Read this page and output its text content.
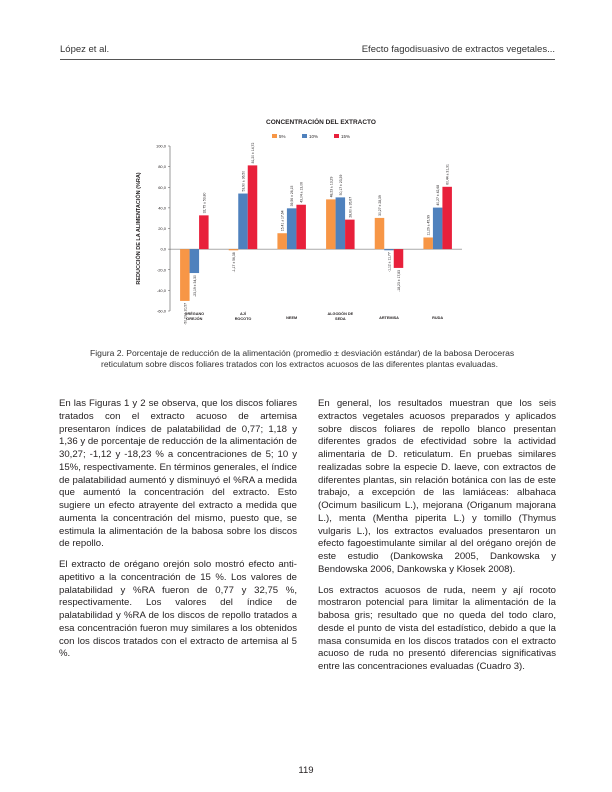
López et al.	Efecto fagodisuasivo de extractos vegetales...
CONCENTRACIÓN DEL EXTRACTO
5%	10%	15%
100,0
80,0
60,0
40,0
20,0
0,0
-20,0
-40,0
-60,0
REDUCCIÓN DE LA ALIMENTACIÓN (%RA)
-50,23 ± 20,57
-23,19 ± 34,30
32,75 ± 53,80
ORÉGANO OREJÓN
-1,17 ± 56,38
53,90 ± 36,50
81,20 ± 14,72
AJÍ ROCOTO
15,41 ± 17,64
39,56 ± 26,15 43,04 ± 13,06
NEEM
48,23 ± 13,29 50,17 ± 23,39
28,60 ± 35,67
ALGODÓN DE SEDA
30,27 ± 28,39
-1,12 ± 11,77
-18,23 ± 17,83
ARTEMISA
11,29 ± 45,99
40,27 ± 42,68
60,44 ± 31,31
RUDA
Figura 2. Porcentaje de reducción de la alimentación (promedio ± desviación estándar) de la babosa Deroceras
reticulatum sobre discos foliares tratados con los extractos acuosos de las diferentes plantas evaluadas.

En las Figuras 1 y 2 se observa, que los discos foliares tratados con el extracto acuoso de artemisa presentaron índices de palatabilidad de 0,77; 1,18 y 1,36 y de porcentaje de reducción de la alimentación de 30,27; -1,12 y -18,23 % a concentraciones de 5; 10 y 15%, respectivamente. En términos generales, el índice de palatabilidad aumentó y disminuyó el %RA a medida que aumentó la concentración del extracto. Esto sugiere un efecto atrayente del extracto a medida que aumenta la concentración del mismo, puesto que, se estimula la alimentación de la babosa sobre los discos de repollo.

El extracto de orégano orejón solo mostró efecto anti-apetitivo a la concentración de 15 %. Los valores de palatabilidad y %RA fueron de 0,77 y 32,75 %, respectivamente. Los valores del índice de palatabilidad y %RA de los discos de repollo tratados a esa concentración fueron muy similares a los obtenidos con los discos tratados con el extracto de artemisa al 5 %.

En general, los resultados muestran que los seis extractos vegetales acuosos preparados y aplicados sobre discos foliares de repollo blanco presentan diferentes grados de efectividad sobre la actividad alimentaria de D. reticulatum. En pruebas similares realizadas sobre la especie D. laeve, con extractos de diferentes plantas, sin relación botánica con las de este trabajo, a excepción de las lamiáceas: albahaca (Ocimum basilicum L.), mejorana (Origanum majorana L.), menta (Mentha piperita L.) y tomillo (Thymus vulgaris L.), los extractos evaluados presentaron un efecto fagoestimulante similar al del orégano orejón de este estudio (Dankowska 2005, Dankowska y Bendowska 2006, Dankowska y Kłosek 2008).

Los extractos acuosos de ruda, neem y ají rocoto mostraron potencial para limitar la alimentación de la babosa gris; resultado que no queda del todo claro, desde el punto de vista del estadístico, debido a que la masa consumida en los discos tratados con el extracto acuoso de ruda no presentó diferencias significativas entre las concentraciones evaluadas (Cuadro 3).

119
